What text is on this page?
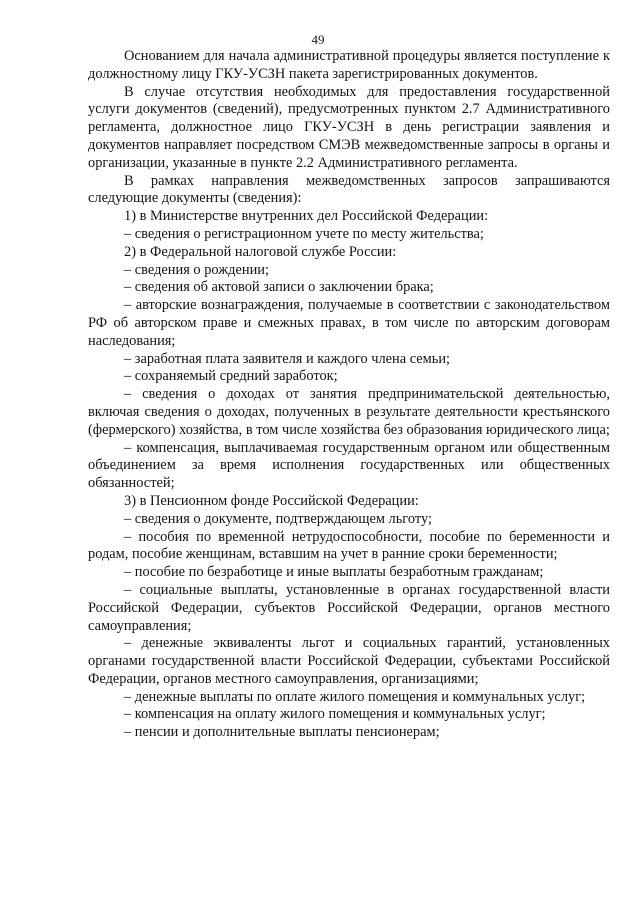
49

Основанием для начала административной процедуры является поступление к должностному лицу ГКУ-УСЗН пакета зарегистрированных документов.

В случае отсутствия необходимых для предоставления государственной услуги документов (сведений), предусмотренных пунктом 2.7 Административного регламента, должностное лицо ГКУ-УСЗН в день регистрации заявления и документов направляет посредством СМЭВ межведомственные запросы в органы и организации, указанные в пункте 2.2 Административного регламента.

В рамках направления межведомственных запросов запрашиваются следующие документы (сведения):

1) в Министерстве внутренних дел Российской Федерации:

– сведения о регистрационном учете по месту жительства;

2) в Федеральной налоговой службе России:

– сведения о рождении;

– сведения об актовой записи о заключении брака;

– авторские вознаграждения, получаемые в соответствии с законодательством РФ об авторском праве и смежных правах, в том числе по авторским договорам наследования;

– заработная плата заявителя и каждого члена семьи;

– сохраняемый средний заработок;

– сведения о доходах от занятия предпринимательской деятельностью, включая сведения о доходах, полученных в результате деятельности крестьянского (фермерского) хозяйства, в том числе хозяйства без образования юридического лица;

– компенсация, выплачиваемая государственным органом или общественным объединением за время исполнения государственных или общественных обязанностей;

3) в Пенсионном фонде Российской Федерации:

– сведения о документе, подтверждающем льготу;

– пособия по временной нетрудоспособности, пособие по беременности и родам, пособие женщинам, вставшим на учет в ранние сроки беременности;

– пособие по безработице и иные выплаты безработным гражданам;

– социальные выплаты, установленные в органах государственной власти Российской Федерации, субъектов Российской Федерации, органов местного самоуправления;

– денежные эквиваленты льгот и социальных гарантий, установленных органами государственной власти Российской Федерации, субъектами Российской Федерации, органов местного самоуправления, организациями;

– денежные выплаты по оплате жилого помещения и коммунальных услуг;

– компенсация на оплату жилого помещения и коммунальных услуг;

– пенсии и дополнительные выплаты пенсионерам;
